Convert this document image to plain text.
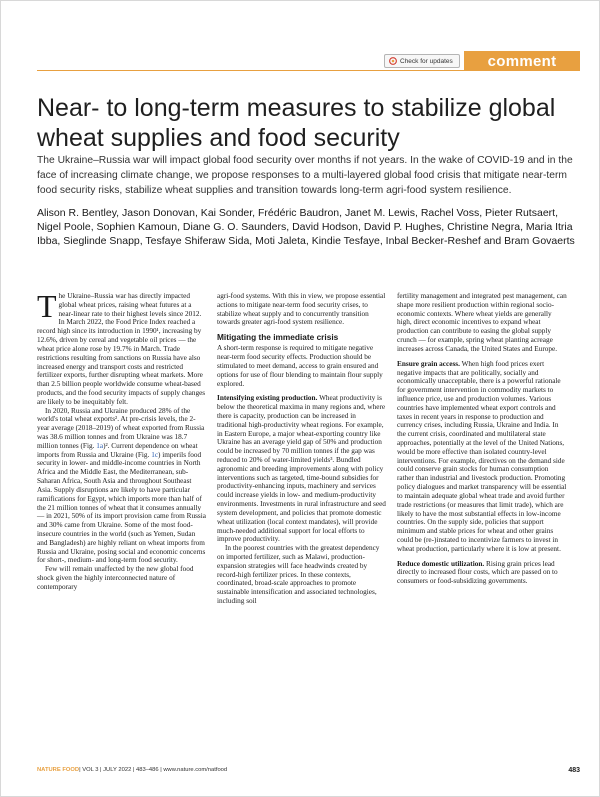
Check for updates	comment
Near- to long-term measures to stabilize global wheat supplies and food security

The Ukraine–Russia war will impact global food security over months if not years. In the wake of COVID-19 and in the face of increasing climate change, we propose responses to a multi-layered global food crisis that mitigate near-term food security risks, stabilize wheat supplies and transition towards long-term agri-food system resilience.

Alison R. Bentley, Jason Donovan, Kai Sonder, Frédéric Baudron, Janet M. Lewis, Rachel Voss, Pieter Rutsaert, Nigel Poole, Sophien Kamoun, Diane G. O. Saunders, David Hodson, David P. Hughes, Christine Negra, Maria Itria Ibba, Sieglinde Snapp, Tesfaye Shiferaw Sida, Moti Jaleta, Kindie Tesfaye, Inbal Becker-Reshef and Bram Govaerts

The Ukraine–Russia war has directly impacted global wheat prices, raising wheat futures at a near-linear rate to their highest levels since 2012. In March 2022, the Food Price Index reached a record high since its introduction in 1990¹, increasing by 12.6%, driven by cereal and vegetable oil prices — the wheat price alone rose by 19.7% in March. Trade restrictions resulting from sanctions on Russia have also increased energy and transport costs and restricted fertilizer exports, further disrupting wheat markets. More than 2.5 billion people worldwide consume wheat-based products, and the food security impacts of supply changes are likely to be inequitably felt.

In 2020, Russia and Ukraine produced 28% of the world's total wheat exports². At pre-crisis levels, the 2-year average (2018–2019) of wheat exported from Russia was 38.6 million tonnes and from Ukraine was 18.7 million tonnes (Fig. 1a)². Current dependence on wheat imports from Russia and Ukraine (Fig. 1c) imperils food security in lower- and middle-income countries in North Africa and the Middle East, the Mediterranean, sub-Saharan Africa, South Asia and throughout Southeast Asia. Supply disruptions are likely to have particular ramifications for Egypt, which imports more than half of the 21 million tonnes of wheat that it consumes annually — in 2021, 50% of its import provision came from Russia and 30% came from Ukraine. Some of the most food-insecure countries in the world (such as Yemen, Sudan and Bangladesh) are highly reliant on wheat imports from Russia and Ukraine, posing social and economic concerns for short-, medium- and long-term food security.

Few will remain unaffected by the new global food shock given the highly interconnected nature of contemporary

agri-food systems. With this in view, we propose essential actions to mitigate near-term food security crises, to stabilize wheat supply and to concurrently transition towards greater agri-food system resilience.

Mitigating the immediate crisis

A short-term response is required to mitigate negative near-term food security effects. Production should be stimulated to meet demand, access to grain ensured and options for use of flour blending to maintain flour supply explored.

Intensifying existing production. Wheat productivity is below the theoretical maxima in many regions and, where there is capacity, production can be increased in traditional high-productivity wheat regions. For example, in Eastern Europe, a major wheat-exporting country like Ukraine has an average yield gap of 50% and production could be increased by 70 million tonnes if the gap was reduced to 20% of water-limited yields³. Bundled agronomic and breeding improvements along with policy interventions such as targeted, time-bound subsidies for productivity-enhancing inputs, machinery and services could increase yields in low- and medium-productivity environments. Investments in rural infrastructure and seed system development, and policies that promote domestic wheat utilization (local context mandates), will provide much-needed additional support for local efforts to improve productivity.

In the poorest countries with the greatest dependency on imported fertilizer, such as Malawi, production-expansion strategies will face headwinds created by record-high fertilizer prices. In these contexts, coordinated, broad-scale approaches to promote sustainable intensification and associated technologies, including soil

fertility management and integrated pest management, can shape more resilient production within regional socio-economic contexts. Where wheat yields are generally high, direct economic incentives to expand wheat production can contribute to easing the global supply crunch — for example, spring wheat planting acreage increases across Canada, the United States and Europe.

Ensure grain access. When high food prices exert negative impacts that are politically, socially and economically unacceptable, there is a powerful rationale for government intervention in commodity markets to influence price, use and production volumes. Various countries have implemented wheat export controls and taxes in recent years in response to production and currency crises, including Russia, Ukraine and India. In the current crisis, coordinated and multilateral state approaches, potentially at the level of the United Nations, would be more effective than isolated country-level interventions. For example, directives on the demand side could conserve grain stocks for human consumption rather than industrial and livestock production. Promoting policy dialogues and market transparency will be essential to maintain adequate global wheat trade and avoid further trade restrictions (or measures that limit trade), which are likely to have the most substantial effects in low-income countries. On the supply side, policies that support minimum and stable prices for wheat and other grains could be (re-)instated to incentivize farmers to invest in wheat production, particularly where it is low at present.

Reduce domestic utilization. Rising grain prices lead directly to increased flour costs, which are passed on to consumers or food-subsidizing governments.

NATURE FOOD | VOL 3 | JULY 2022 | 483–486 | www.nature.com/natfood	483
